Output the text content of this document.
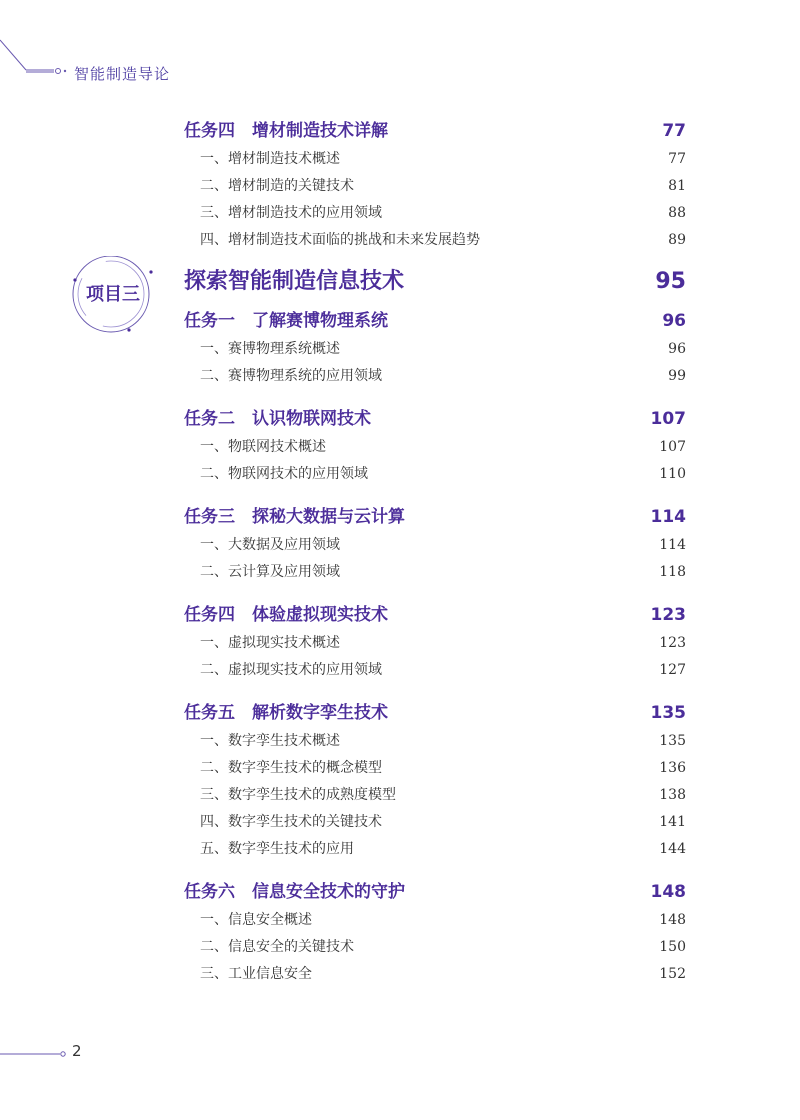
智能制造导论
项目三
任务四　增材制造技术详解	77
一、增材制造技术概述	77
二、增材制造的关键技术	81
三、增材制造技术的应用领域	88
四、增材制造技术面临的挑战和未来发展趋势	89
探索智能制造信息技术	95
任务一　了解赛博物理系统	96
一、赛博物理系统概述	96
二、赛博物理系统的应用领域	99
任务二　认识物联网技术	107
一、物联网技术概述	107
二、物联网技术的应用领域	110
任务三　探秘大数据与云计算	114
一、大数据及应用领域	114
二、云计算及应用领域	118
任务四　体验虚拟现实技术	123
一、虚拟现实技术概述	123
二、虚拟现实技术的应用领域	127
任务五　解析数字孪生技术	135
一、数字孪生技术概述	135
二、数字孪生技术的概念模型	136
三、数字孪生技术的成熟度模型	138
四、数字孪生技术的关键技术	141
五、数字孪生技术的应用	144
任务六　信息安全技术的守护	148
一、信息安全概述	148
二、信息安全的关键技术	150
三、工业信息安全	152
2
